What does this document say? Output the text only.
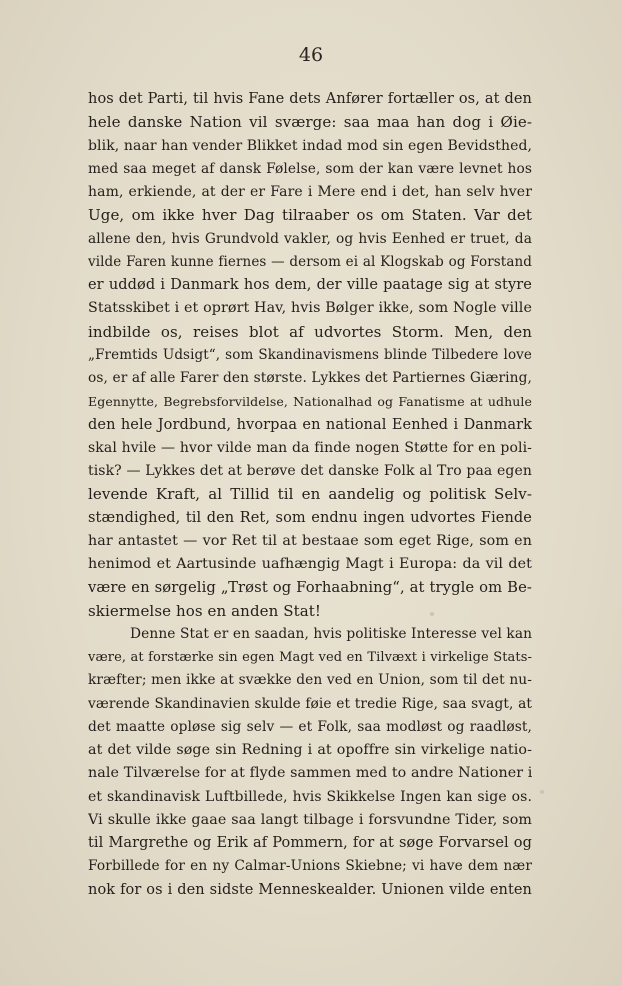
46
hos det Parti, til hvis Fane dets Anfører fortæller os, at den
hele danske Nation vil sværge: saa maa han dog i Øie-
blik, naar han vender Blikket indad mod sin egen Bevidsthed,
med saa meget af dansk Følelse, som der kan være levnet hos
ham, erkiende, at der er Fare i Mere end i det, han selv hver
Uge, om ikke hver Dag tilraaber os om Staten. Var det
allene den, hvis Grundvold vakler, og hvis Eenhed er truet, da
vilde Faren kunne fiernes — dersom ei al Klogskab og Forstand
er uddød i Danmark hos dem, der ville paatage sig at styre
Statsskibet i et oprørt Hav, hvis Bølger ikke, som Nogle ville
indbilde os, reises blot af udvortes Storm. Men, den
„Fremtids Udsigt“, som Skandinavismens blinde Tilbedere love
os, er af alle Farer den største. Lykkes det Partiernes Giæring,
Egennytte, Begrebsforvildelse, Nationalhad og Fanatisme at udhule
den hele Jordbund, hvorpaa en national Eenhed i Danmark
skal hvile — hvor vilde man da finde nogen Støtte for en poli-
tisk? — Lykkes det at berøve det danske Folk al Tro paa egen
levende Kraft, al Tillid til en aandelig og politisk Selv-
stændighed, til den Ret, som endnu ingen udvortes Fiende
har antastet — vor Ret til at bestaae som eget Rige, som en
henimod et Aartusinde uafhængig Magt i Europa: da vil det
være en sørgelig „Trøst og Forhaabning“, at trygle om Be-
skiermelse hos en anden Stat!
Denne Stat er en saadan, hvis politiske Interesse vel kan
være, at forstærke sin egen Magt ved en Tilvæxt i virkelige Stats-
kræfter; men ikke at svække den ved en Union, som til det nu-
værende Skandinavien skulde føie et tredie Rige, saa svagt, at
det maatte opløse sig selv — et Folk, saa modløst og raadløst,
at det vilde søge sin Redning i at opoffre sin virkelige natio-
nale Tilværelse for at flyde sammen med to andre Nationer i
et skandinavisk Luftbillede, hvis Skikkelse Ingen kan sige os.
Vi skulle ikke gaae saa langt tilbage i forsvundne Tider, som
til Margrethe og Erik af Pommern, for at søge Forvarsel og
Forbillede for en ny Calmar-Unions Skiebne; vi have dem nær
nok for os i den sidste Menneskealder. Unionen vilde enten
